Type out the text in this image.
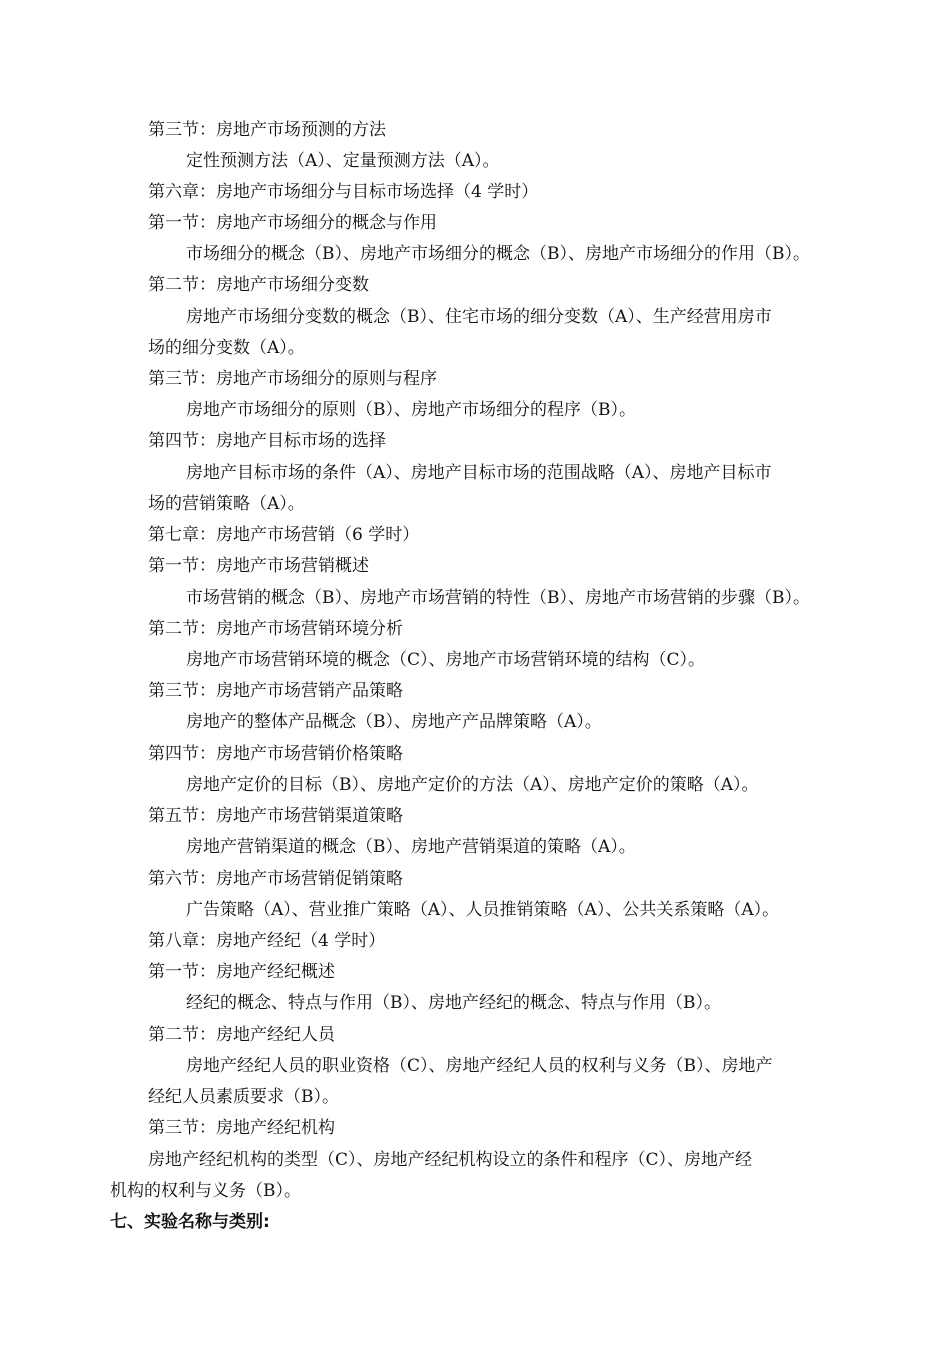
第三节：房地产市场预测的方法
定性预测方法（A）、定量预测方法（A）。
第六章：房地产市场细分与目标市场选择（4 学时）
第一节：房地产市场细分的概念与作用
市场细分的概念（B）、房地产市场细分的概念（B）、房地产市场细分的作用（B）。
第二节：房地产市场细分变数
房地产市场细分变数的概念（B）、住宅市场的细分变数（A）、生产经营用房市
场的细分变数（A）。
第三节：房地产市场细分的原则与程序
房地产市场细分的原则（B）、房地产市场细分的程序（B）。
第四节：房地产目标市场的选择
房地产目标市场的条件（A）、房地产目标市场的范围战略（A）、房地产目标市
场的营销策略（A）。
第七章：房地产市场营销（6 学时）
第一节：房地产市场营销概述
市场营销的概念（B）、房地产市场营销的特性（B）、房地产市场营销的步骤（B）。
第二节：房地产市场营销环境分析
房地产市场营销环境的概念（C）、房地产市场营销环境的结构（C）。
第三节：房地产市场营销产品策略
房地产的整体产品概念（B）、房地产产品牌策略（A）。
第四节：房地产市场营销价格策略
房地产定价的目标（B）、房地产定价的方法（A）、房地产定价的策略（A）。
第五节：房地产市场营销渠道策略
房地产营销渠道的概念（B）、房地产营销渠道的策略（A）。
第六节：房地产市场营销促销策略
广告策略（A）、营业推广策略（A）、人员推销策略（A）、公共关系策略（A）。
第八章：房地产经纪（4 学时）
第一节：房地产经纪概述
经纪的概念、特点与作用（B）、房地产经纪的概念、特点与作用（B）。
第二节：房地产经纪人员
房地产经纪人员的职业资格（C）、房地产经纪人员的权利与义务（B）、房地产
经纪人员素质要求（B）。
第三节：房地产经纪机构
房地产经纪机构的类型（C）、房地产经纪机构设立的条件和程序（C）、房地产经
机构的权利与义务（B）。
七、实验名称与类别:
